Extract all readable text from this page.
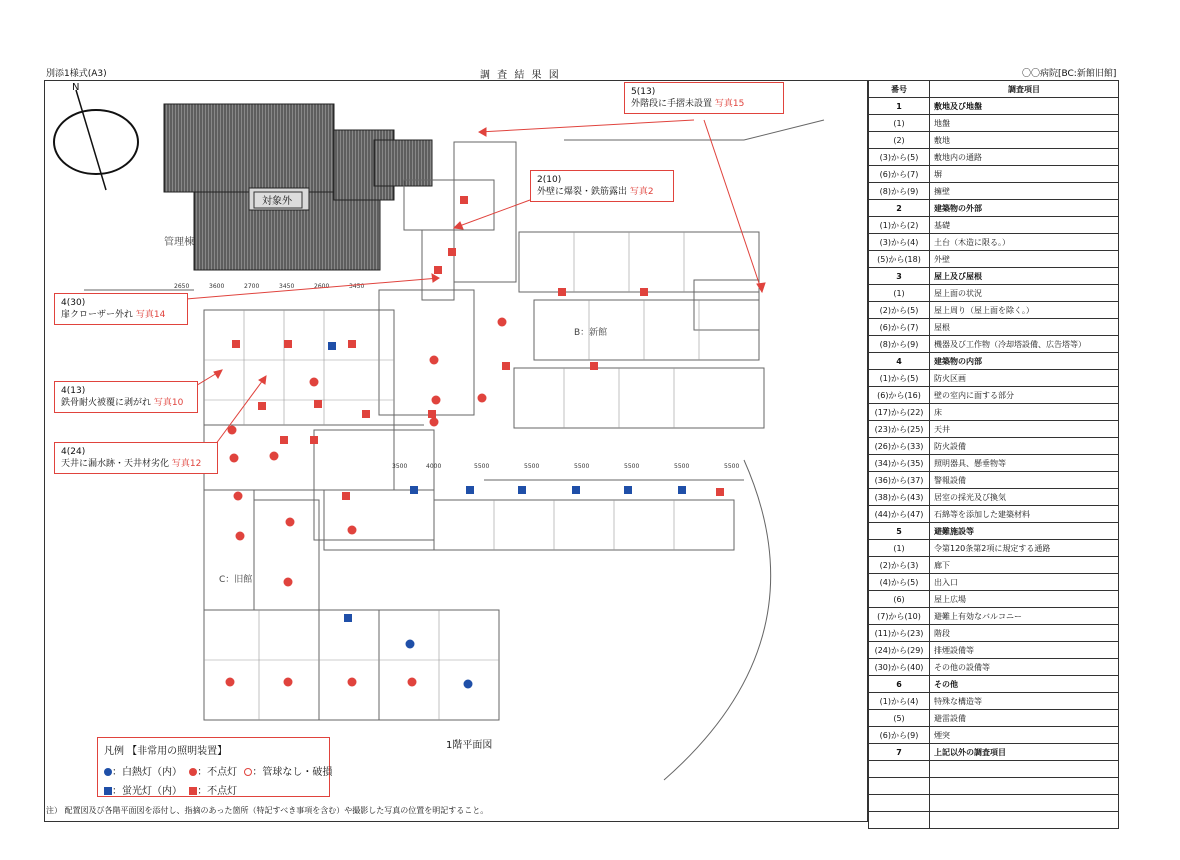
別添1様式(A3)	調 査 結 果 図	〇〇病院[BC:新館旧館]
N
2650	3600	2700	3450	2600	3450
3500	4000	5500	5500	5500	5500	5500	5500
対象外
管理棟
B：新館
C：旧館
1階平面図
5(13)
外階段に手摺未設置 写真15
2(10)
外壁に爆裂・鉄筋露出 写真2
4(30)
扉クローザー外れ 写真14
4(13)
鉄骨耐火被覆に剥がれ 写真10
4(24)
天井に漏水跡・天井材劣化 写真12
凡例 【非常用の照明装置】
：白熱灯（内） ：不点灯 ：管球なし・破損
：蛍光灯（内） ：不点灯
注） 配置図及び各階平面図を添付し、指摘のあった箇所（特記すべき事項を含む）や撮影した写真の位置を明記すること。
番号	調査項目
1	敷地及び地盤
(1)	地盤
(2)	敷地
(3)から(5)	敷地内の通路
(6)から(7)	塀
(8)から(9)	擁壁
2	建築物の外部
(1)から(2)	基礎
(3)から(4)	土台（木造に限る。）
(5)から(18)	外壁
3	屋上及び屋根
(1)	屋上面の状況
(2)から(5)	屋上周り（屋上面を除く。）
(6)から(7)	屋根
(8)から(9)	機器及び工作物（冷却塔設備、広告塔等）
4	建築物の内部
(1)から(5)	防火区画
(6)から(16)	壁の室内に面する部分
(17)から(22)	床
(23)から(25)	天井
(26)から(33)	防火設備
(34)から(35)	照明器具、懸垂物等
(36)から(37)	警報設備
(38)から(43)	居室の採光及び換気
(44)から(47)	石綿等を添加した建築材料
5	避難施設等
(1)	令第120条第2項に規定する通路
(2)から(3)	廊下
(4)から(5)	出入口
(6)	屋上広場
(7)から(10)	避難上有効なバルコニー
(11)から(23)	階段
(24)から(29)	排煙設備等
(30)から(40)	その他の設備等
6	その他
(1)から(4)	特殊な構造等
(5)	避雷設備
(6)から(9)	煙突
7	上記以外の調査項目
